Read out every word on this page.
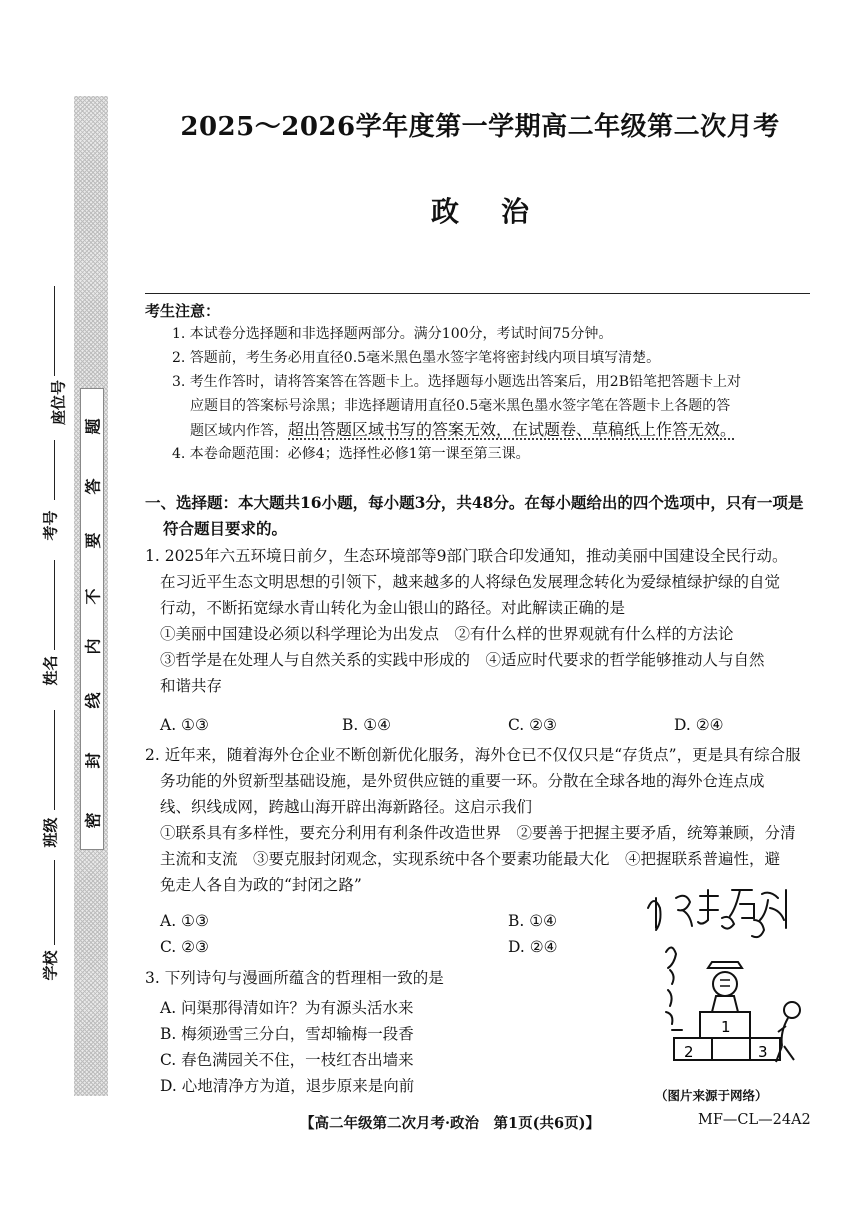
题
答
要
不
内
线
封
密
座位号
考号
姓名
班级
学校
2025～2026学年度第一学期高二年级第二次月考
政治
考生注意：
1. 本试卷分选择题和非选择题两部分。满分100分，考试时间75分钟。
2. 答题前，考生务必用直径0.5毫米黑色墨水签字笔将密封线内项目填写清楚。
3. 考生作答时，请将答案答在答题卡上。选择题每小题选出答案后，用2B铅笔把答题卡上对
应题目的答案标号涂黑；非选择题请用直径0.5毫米黑色墨水签字笔在答题卡上各题的答
题区域内作答，超出答题区域书写的答案无效，在试题卷、草稿纸上作答无效。
4. 本卷命题范围：必修4；选择性必修1第一课至第三课。
一、选择题：本大题共16小题，每小题3分，共48分。在每小题给出的四个选项中，只有一项是
符合题目要求的。
1. 2025年六五环境日前夕，生态环境部等9部门联合印发通知，推动美丽中国建设全民行动。
在习近平生态文明思想的引领下，越来越多的人将绿色发展理念转化为爱绿植绿护绿的自觉
行动，不断拓宽绿水青山转化为金山银山的路径。对此解读正确的是
①美丽中国建设必须以科学理论为出发点　②有什么样的世界观就有什么样的方法论
③哲学是在处理人与自然关系的实践中形成的　④适应时代要求的哲学能够推动人与自然
和谐共存
A. ①③	B. ①④	C. ②③	D. ②④
2. 近年来，随着海外仓企业不断创新优化服务，海外仓已不仅仅只是“存货点”，更是具有综合服
务功能的外贸新型基础设施，是外贸供应链的重要一环。分散在全球各地的海外仓连点成
线、织线成网，跨越山海开辟出海新路径。这启示我们
①联系具有多样性，要充分利用有利条件改造世界　②要善于把握主要矛盾，统筹兼顾，分清
主流和支流　③要克服封闭观念，实现系统中各个要素功能最大化　④把握联系普遍性，避
免走人各自为政的“封闭之路”
A. ①③	B. ①④
C. ②③	D. ②④
3. 下列诗句与漫画所蕴含的哲理相一致的是
A. 问渠那得清如许？为有源头活水来
B. 梅须逊雪三分白，雪却输梅一段香
C. 春色满园关不住，一枝红杏出墙来
D. 心地清净方为道，退步原来是向前
1
2	3
（图片来源于网络）
【高二年级第二次月考·政治　第1页(共6页)】	MF—CL—24A2
